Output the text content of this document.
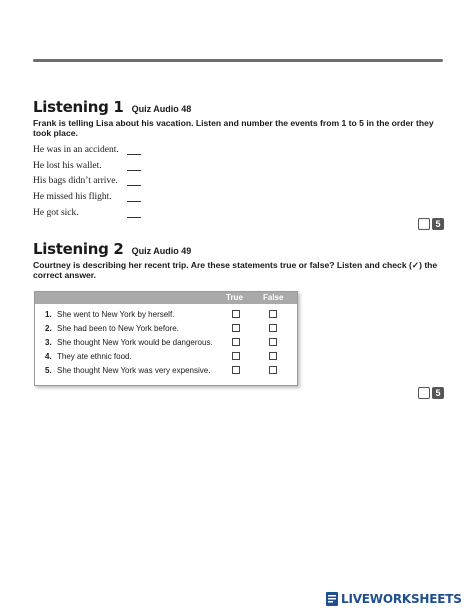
Listening 1 Quiz Audio 48
Frank is telling Lisa about his vacation. Listen and number the events from 1 to 5 in the order they took place.
He was in an accident.
He lost his wallet.
His bags didn’t arrive.
He missed his flight.
He got sick.
5
Listening 2 Quiz Audio 49
Courtney is describing her recent trip. Are these statements true or false? Listen and check (✓) the correct answer.
True	False
1. She went to New York by herself.
2. She had been to New York before.
3. She thought New York would be dangerous.
4. They ate ethnic food.
5. She thought New York was very expensive.
5
LIVEWORKSHEETS
